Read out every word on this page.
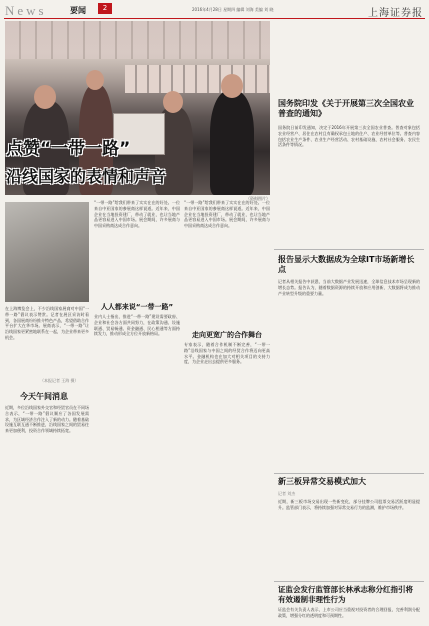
News	要闻	2	2016年4月28日 星期四 编辑 刘海 美编 刘 晓	上海证券报
点赞“一带一路”
沿线国家的表情和声音
（资料图片）
在上海博览会上，不少沿线国家展商对中国“一带一路”倡议表示赞赏。记者在展区采访时看到，各国展商纷纷推介特色产品，希望借助合作平台扩大在华市场。展商表示，“一带一路”让沿线国家更紧密地联系在一起，为企业带来更多机会。
（本报记者 王海 摄）
今天午间消息
近期，多位沿线国家外交官和经贸官员在不同场合表示，“一带一路”倡议顺应了各国发展需求，为区域经济合作注入了新的动力。随着基础设施互联互通不断推进，沿线国家之间的贸易往来更加便利，投资合作领域持续拓宽。
“一带一路”给我们带来了实实在在的好处。一位来自中亚国家的参展商这样说道。近年来，中国企业在当地投资建厂，带动了就业，也让当地产品更容易进入中国市场。展会期间，许多展商与中国采购商达成合作意向。
人人都来说“一带一路”
业内人士指出，推进“一带一路”建设需要政府、企业和社会各方面共同努力，在政策沟通、设施联通、贸易畅通、资金融通、民心相通等方面持续发力，推动形成全方位开放新格局。
“一带一路”给我们带来了实实在在的好处。一位来自中亚国家的参展商这样说道。近年来，中国企业在当地投资建厂，带动了就业，也让当地产品更容易进入中国市场。展会期间，许多展商与中国采购商达成合作意向。
走向更宽广的合作舞台
专家表示，随着合作机制不断完善，“一带一路”沿线国家与中国之间的经贸合作将迈向更高水平。金融机构也在加大对相关项目的支持力度，为企业走出去提供更多服务。
国务院印发《关于开展第三次全国农业普查的通知》
国务院日前印发通知，决定于2016年开展第三次全国农业普查。普查对象包括农业经营户、居住在农村且有确权承包土地的住户、农业经营单位等。普查内容包括农业生产条件、农业生产经营活动、农村基础设施、农村社会服务、农民生活条件等情况。
报告显示大数据成为全球IT市场新增长点
记者从相关报告中获悉，当前大数据产业发展迅速，全球信息技术市场呈现新的增长态势。报告认为，随着数据资源的持续开放和应用创新，大数据将成为推动产业转型升级的重要力量。
新三板异常交易模式加大
记者 刘杰
近期，新三板市场交易出现一些新变化，部分挂牌公司股票交易活跃度明显提升。监管部门表示，将持续加强对异常交易行为的监测，维护市场秩序。
证监会发行监管部长林承志称分红指引将有效遏制非理性行为
证监会有关负责人表示，上市公司应当重视对投资者的合理回报，完善利润分配政策，增强分红的透明度和可预期性。
